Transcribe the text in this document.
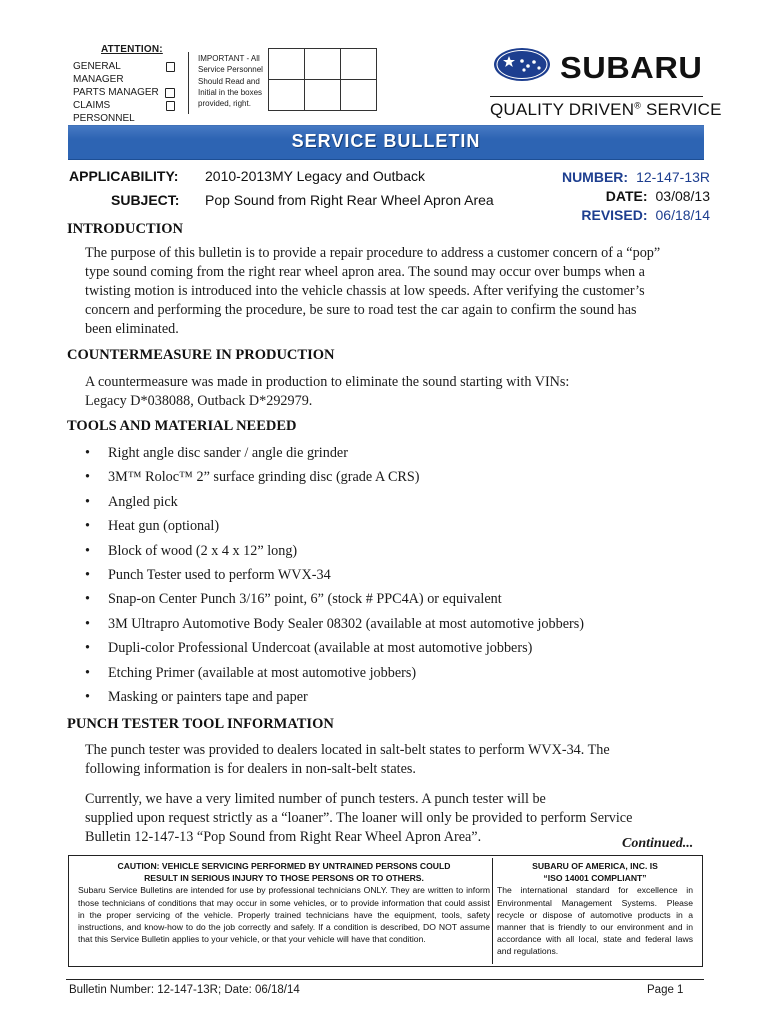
ATTENTION:
GENERAL MANAGER
PARTS MANAGER
CLAIMS PERSONNEL
IMPORTANT - All Service Personnel Should Read and Initial in the boxes provided, right.

SUBARU
QUALITY DRIVEN® SERVICE
SERVICE BULLETIN
APPLICABILITY: 2010-2013MY Legacy and Outback
SUBJECT: Pop Sound from Right Rear Wheel Apron Area
NUMBER: 12-147-13R
DATE: 03/08/13
REVISED: 06/18/14
INTRODUCTION
The purpose of this bulletin is to provide a repair procedure to address a customer concern of a “pop”
type sound coming from the right rear wheel apron area. The sound may occur over bumps when a
twisting motion is introduced into the vehicle chassis at low speeds. After verifying the customer’s
concern and performing the procedure, be sure to road test the car again to confirm the sound has
been eliminated.
COUNTERMEASURE IN PRODUCTION
A countermeasure was made in production to eliminate the sound starting with VINs:
Legacy D*038088, Outback D*292979.
TOOLS AND MATERIAL NEEDED
• Right angle disc sander / angle die grinder
• 3M™ Roloc™ 2” surface grinding disc (grade A CRS)
• Angled pick
• Heat gun (optional)
• Block of wood (2 x 4 x 12” long)
• Punch Tester used to perform WVX-34
• Snap-on Center Punch 3/16” point, 6” (stock # PPC4A) or equivalent
• 3M Ultrapro Automotive Body Sealer 08302 (available at most automotive jobbers)
• Dupli-color Professional Undercoat (available at most automotive jobbers)
• Etching Primer (available at most automotive jobbers)
• Masking or painters tape and paper
PUNCH TESTER TOOL INFORMATION
The punch tester was provided to dealers located in salt-belt states to perform WVX-34. The
following information is for dealers in non-salt-belt states.
Currently, we have a very limited number of punch testers. A punch tester will be
supplied upon request strictly as a “loaner”. The loaner will only be provided to perform Service
Bulletin 12-147-13 “Pop Sound from Right Rear Wheel Apron Area”.	Continued...
CAUTION: VEHICLE SERVICING PERFORMED BY UNTRAINED PERSONS COULD
RESULT IN SERIOUS INJURY TO THOSE PERSONS OR TO OTHERS.
Subaru Service Bulletins are intended for use by professional technicians ONLY. They are written to inform those technicians of conditions that may occur in some vehicles, or to provide information that could assist in the proper servicing of the vehicle. Properly trained technicians have the equipment, tools, safety instructions, and know-how to do the job correctly and safely. If a condition is described, DO NOT assume that this Service Bulletin applies to your vehicle, or that your vehicle will have that condition.
SUBARU OF AMERICA, INC. IS
“ISO 14001 COMPLIANT”
The international standard for excellence in Environmental Management Systems. Please recycle or dispose of automotive products in a manner that is friendly to our environment and in accordance with all local, state and federal laws and regulations.
Bulletin Number: 12-147-13R; Date: 06/18/14	Page 1
